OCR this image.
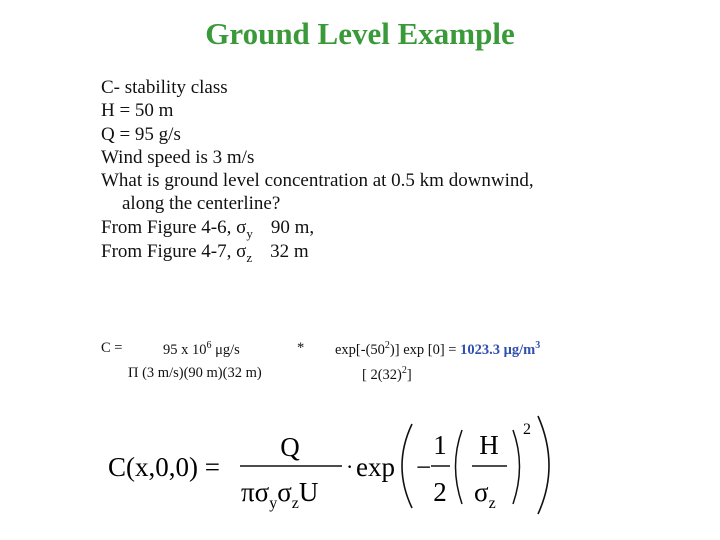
Ground Level Example
C- stability class
H = 50 m
Q = 95 g/s
Wind speed is 3 m/s
What is ground level concentration at 0.5 km downwind,
along the centerline?
From Figure 4-6, $\sigma_y$ 90 m,
From Figure 4-7, $\sigma_z$ 32 m
C =	95 x $10^6$ μg/s	* $\exp[-(50^2)]$ exp [0] = 1023.3 $\mu g/m^3$
Π (3 m/s)(90 m)(32 m)	[ $2(32)^2$]
C(x,0,0) =
Q
$\pi\sigma_y\sigma_zU$
· exp −
1
2
H
$\sigma_z$
2
